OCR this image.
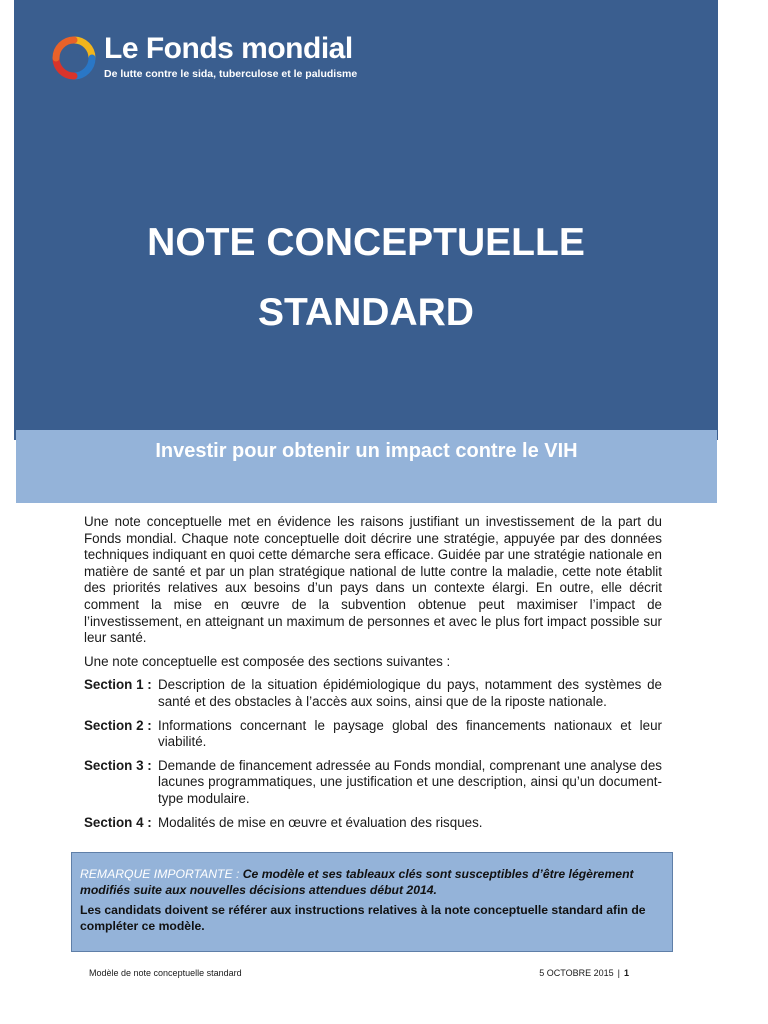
Le Fonds mondial
De lutte contre le sida, tuberculose et le paludisme
NOTE CONCEPTUELLE
STANDARD
Investir pour obtenir un impact contre le VIH

Une note conceptuelle met en évidence les raisons justifiant un investissement de la part du Fonds mondial. Chaque note conceptuelle doit décrire une stratégie, appuyée par des données techniques indiquant en quoi cette démarche sera efficace. Guidée par une stratégie nationale en matière de santé et par un plan stratégique national de lutte contre la maladie, cette note établit des priorités relatives aux besoins d’un pays dans un contexte élargi. En outre, elle décrit comment la mise en œuvre de la subvention obtenue peut maximiser l’impact de l’investissement, en atteignant un maximum de personnes et avec le plus fort impact possible sur leur santé.

Une note conceptuelle est composée des sections suivantes :

Section 1 : Description de la situation épidémiologique du pays, notamment des systèmes de santé et des obstacles à l’accès aux soins, ainsi que de la riposte nationale.
Section 2 : Informations concernant le paysage global des financements nationaux et leur viabilité.
Section 3 : Demande de financement adressée au Fonds mondial, comprenant une analyse des lacunes programmatiques, une justification et une description, ainsi qu’un document-type modulaire.
Section 4 : Modalités de mise en œuvre et évaluation des risques.

REMARQUE IMPORTANTE : Ce modèle et ses tableaux clés sont susceptibles d’être légèrement modifiés suite aux nouvelles décisions attendues début 2014.

Les candidats doivent se référer aux instructions relatives à la note conceptuelle standard afin de compléter ce modèle.

Modèle de note conceptuelle standard	5 OCTOBRE 2015 | 1
